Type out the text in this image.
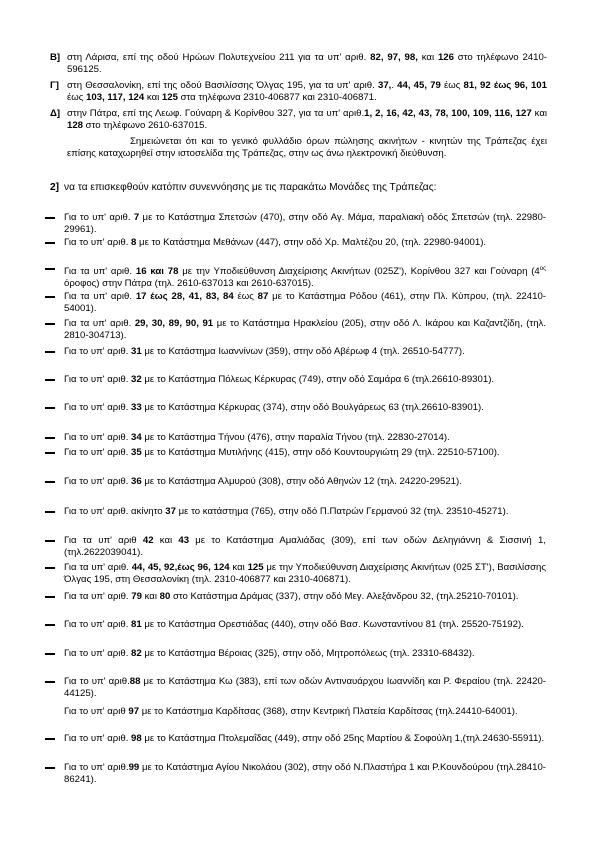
Β] στη Λάρισα, επί της οδού Ηρώων Πολυτεχνείου 211 για τα υπ' αριθ. 82, 97, 98, και 126 στο τηλέφωνο 2410-596125.
Γ] στη Θεσσαλονίκη, επί της οδού Βασιλίσσης Όλγας 195, για τα υπ' αριθ. 37,. 44, 45, 79 έως 81, 92 έως 96, 101 έως 103, 117, 124 και 125 στα τηλέφωνα 2310-406877 και 2310-406871.
Δ] στην Πάτρα, επί της Λεωφ. Γούναρη & Κορίνθου 327, για τα υπ' αριθ.1, 2, 16, 42, 43, 78, 100, 109, 116, 127 και 128 στο τηλέφωνο 2610-637015.
Σημειώνεται ότι και το γενικό φυλλάδιο όρων πώλησης ακινήτων - κινητών της Τράπεζας έχει επίσης καταχωρηθεί στην ιστοσελίδα της Τράπεζας, στην ως άνω ηλεκτρονική διεύθυνση.
2] να τα επισκεφθούν κατόπιν συνεννόησης με τις παρακάτω Μονάδες της Τράπεζας:
Για το υπ' αριθ. 7 με το Κατάστημα Σπετσών (470), στην οδό Αγ. Μάμα, παραλιακή οδός Σπετσών (τηλ. 22980-29961).
Για το υπ' αριθ. 8 με το Κατάστημα Μεθάνων (447), στην οδό Χρ. Μαλτέζου 20, (τηλ. 22980-94001).
Για τα υπ' αριθ. 16 και 78 με την Υποδιεύθυνση Διαχείρισης Ακινήτων (025Ζ'), Κορίνθου 327 και Γούναρη ($4^{o\varsigma}$ όροφος) στην Πάτρα (τηλ. 2610-637013 και 2610-637015).
Για τα υπ' αριθ. 17 έως 28, 41, 83, 84 έως 87 με το Κατάστημα Ρόδου (461), στην Πλ. Κύπρου, (τηλ. 22410-54001).
Για τα υπ' αριθ. 29, 30, 89, 90, 91 με το Κατάστημα Ηρακλείου (205), στην οδό Λ. Ικάρου και Καζαντζίδη, (τηλ. 2810-304713).
Για το υπ' αριθ. 31 με το Κατάστημα Ιωαννίνων (359), στην οδό Αβέρωφ 4 (τηλ. 26510-54777).
Για το υπ' αριθ. 32 με το Κατάστημα Πόλεως Κέρκυρας (749), στην οδό Σαμάρα 6 (τηλ.26610-89301).
Για το υπ' αριθ. 33 με το Κατάστημα Κέρκυρας (374), στην οδό Βουλγάρεως 63 (τηλ.26610-83901).
Για το υπ' αριθ. 34 με το Κατάστημα Τήνου (476), στην παραλία Τήνου (τηλ. 22830-27014).
Για το υπ' αριθ. 35 με το Κατάστημα Μυτιλήνης (415), στην οδό Κουντουργιώτη 29 (τηλ. 22510-57100).
Για το υπ' αριθ. 36 με το Κατάστημα Αλμυρού (308), στην οδό Αθηνών 12 (τηλ. 24220-29521).
Για το υπ' αριθ. ακίνητο 37 με το κατάστημα (765), στην οδό Π.Πατρών Γερμανού 32 (τηλ. 23510-45271).
Για τα υπ' αριθ 42 και 43 με το Κατάστημα Αμαλιάδας (309), επί των οδών Δεληγιάννη & Σισσινή 1, (τηλ.2622039041).
Για τα υπ' αριθ. 44, 45, 92,έως 96, 124 και 125 με την Υποδιεύθυνση Διαχείρισης Ακινήτων (025 ΣΤ'), Βασιλίσσης Όλγας 195, στη Θεσσαλονίκη (τηλ. 2310-406877 και 2310-406871).
Για τα υπ' αριθ. 79 και 80 στο Κατάστημα Δράμας (337), στην οδό Μεγ. Αλεξάνδρου 32, (τηλ.25210-70101).
Για το υπ' αριθ. 81 με το Κατάστημα Ορεστιάδας (440), στην οδό Βασ. Κωνσταντίνου 81 (τηλ. 25520-75192).
Για το υπ' αριθ. 82 με το Κατάστημα Βέροιας (325), στην οδό, Μητροπόλεως (τηλ. 23310-68432).
Για το υπ' αριθ.88 με το Κατάστημα Κω (383), επί των οδών Αντιναυάρχου Ιωαννίδη και Ρ. Φεραίου (τηλ. 22420-44125).
Για το υπ' αριθ 97 με το Κατάστημα Καρδίτσας (368), στην Κεντρική Πλατεία Καρδίτσας (τηλ.24410-64001).
Για το υπ' αριθ. 98 με το Κατάστημα Πτολεμαΐδας (449), στην οδό 25ης Μαρτίου & Σοφούλη 1,(τηλ.24630-55911).
Για το υπ' αριθ.99 με το Κατάστημα Αγίου Νικολάου (302), στην οδό Ν.Πλαστήρα 1 και Ρ.Κουνδούρου (τηλ.28410-86241).
